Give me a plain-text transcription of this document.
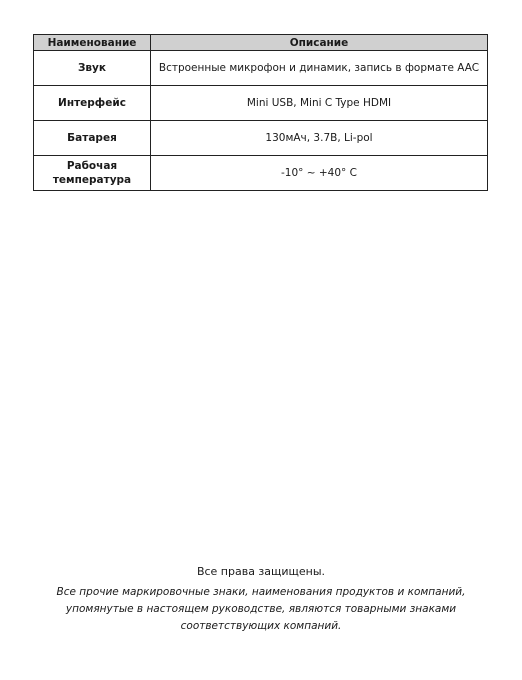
Наименование	Описание
Звук	Встроенные микрофон и динамик, запись в формате AAC
Интерфейс	Mini USB, Mini C Type HDMI
Батарея	130мАч, 3.7В, Li-pol
Рабочая температура	-10° ~ +40° C

Все права защищены.

Все прочие маркировочные знаки, наименования продуктов и компаний, упомянутые в настоящем руководстве, являются товарными знаками соответствующих компаний.
